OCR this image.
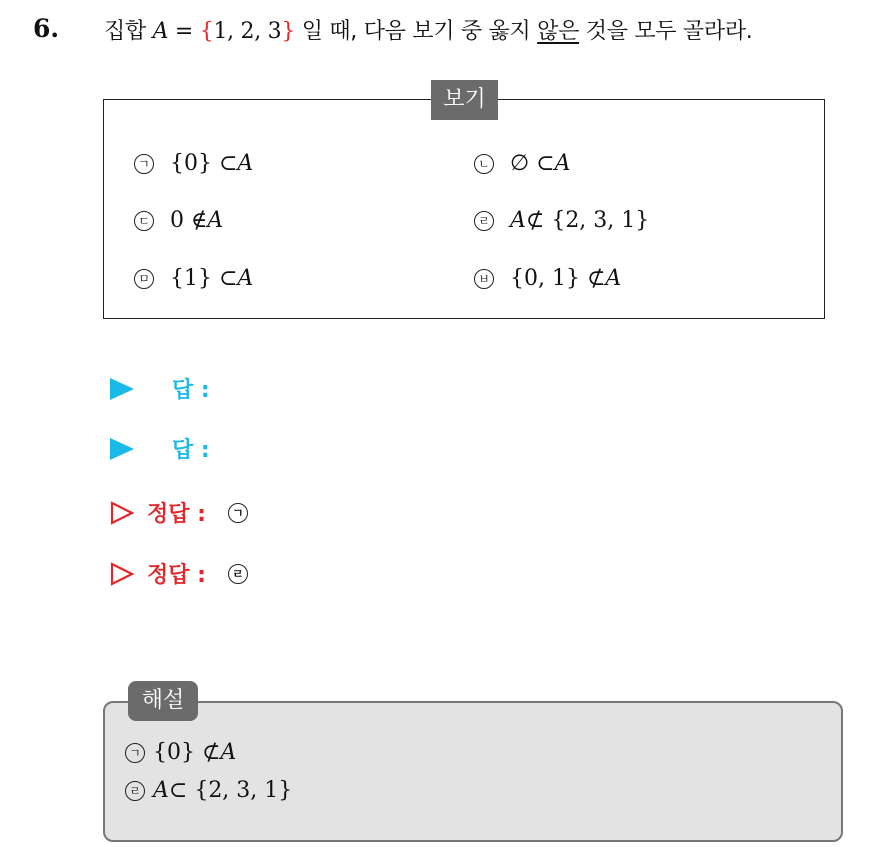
6. 집합 A = {1, 2, 3} 일 때, 다음 보기 중 옳지 않은 것을 모두 골라라.
보기
ㄱ {0} ⊂ A	ㄴ ∅ ⊂ A
ㄷ 0 ∉ A	ㄹ A ⊄ {2, 3, 1}
ㅁ {1} ⊂ A	ㅂ {0, 1} ⊄ A
답 :
답 :
정답 :	ㄱ
정답 :	ㄹ
해설
ㄱ {0} ⊄ A
ㄹ A ⊂ {2, 3, 1}
